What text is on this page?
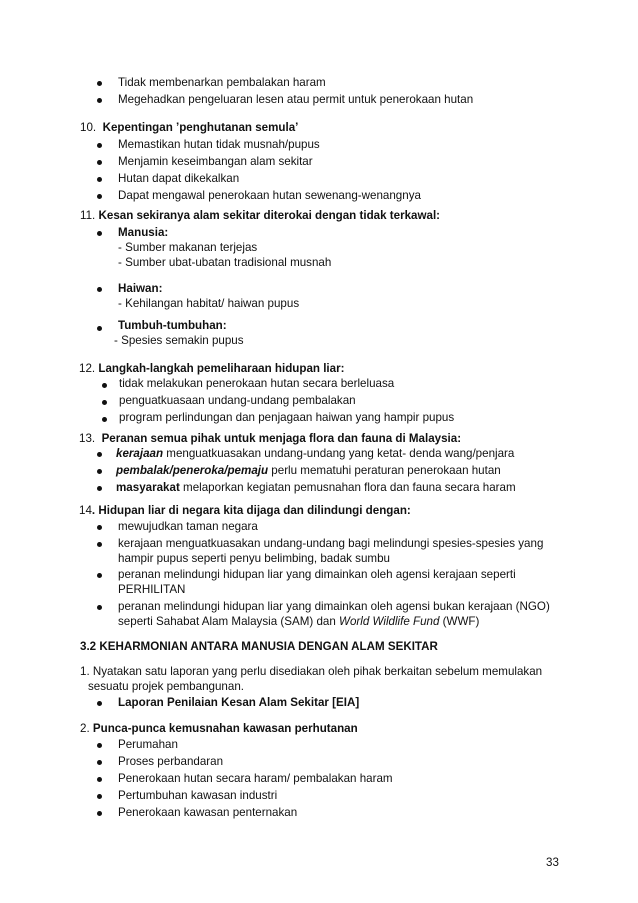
Tidak membenarkan pembalakan haram
Megehadkan pengeluaran lesen atau permit untuk penerokaan hutan
10. Kepentingan ’penghutanan semula’
Memastikan hutan tidak musnah/pupus
Menjamin keseimbangan alam sekitar
Hutan dapat dikekalkan
Dapat mengawal penerokaan hutan sewenang-wenangnya
11. Kesan sekiranya alam sekitar diterokai dengan tidak terkawal:
Manusia:
- Sumber makanan terjejas
- Sumber ubat-ubatan tradisional musnah
Haiwan:
- Kehilangan habitat/ haiwan pupus
Tumbuh-tumbuhan:
- Spesies semakin pupus
12. Langkah-langkah pemeliharaan hidupan liar:
tidak melakukan penerokaan hutan secara berleluasa
penguatkuasaan undang-undang pembalakan
program perlindungan dan penjagaan haiwan yang hampir pupus
13. Peranan semua pihak untuk menjaga flora dan fauna di Malaysia:
kerajaan menguatkuasakan undang-undang yang ketat- denda wang/penjara
pembalak/peneroka/pemaju perlu mematuhi peraturan penerokaan hutan
masyarakat melaporkan kegiatan pemusnahan flora dan fauna secara haram
14. Hidupan liar di negara kita dijaga dan dilindungi dengan:
mewujudkan taman negara
kerajaan menguatkuasakan undang-undang bagi melindungi spesies-spesies yang
hampir pupus seperti penyu belimbing, badak sumbu
peranan melindungi hidupan liar yang dimainkan oleh agensi kerajaan seperti
PERHILITAN
peranan melindungi hidupan liar yang dimainkan oleh agensi bukan kerajaan (NGO)
seperti Sahabat Alam Malaysia (SAM) dan World Wildlife Fund (WWF)
3.2 KEHARMONIAN ANTARA MANUSIA DENGAN ALAM SEKITAR
1. Nyatakan satu laporan yang perlu disediakan oleh pihak berkaitan sebelum memulakan
sesuatu projek pembangunan.
Laporan Penilaian Kesan Alam Sekitar [EIA]
2. Punca-punca kemusnahan kawasan perhutanan
Perumahan
Proses perbandaran
Penerokaan hutan secara haram/ pembalakan haram
Pertumbuhan kawasan industri
Penerokaan kawasan penternakan
33
